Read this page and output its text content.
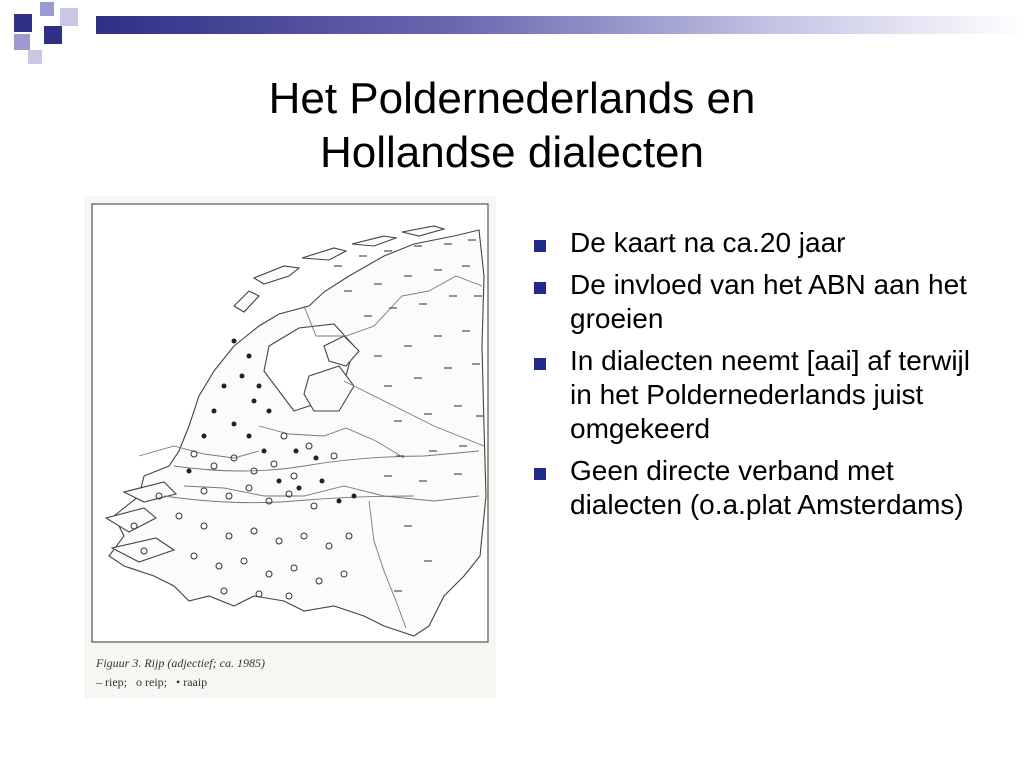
Het Poldernederlands en
Hollandse dialecten
Figuur 3. Rijp (adjectief; ca. 1985)
– riep; o reip; • raaip
De kaart na ca.20 jaar
De invloed van het ABN aan het groeien
In dialecten neemt [aai] af terwijl in het Poldernederlands juist omgekeerd
Geen directe verband met dialecten (o.a.plat Amsterdams)
